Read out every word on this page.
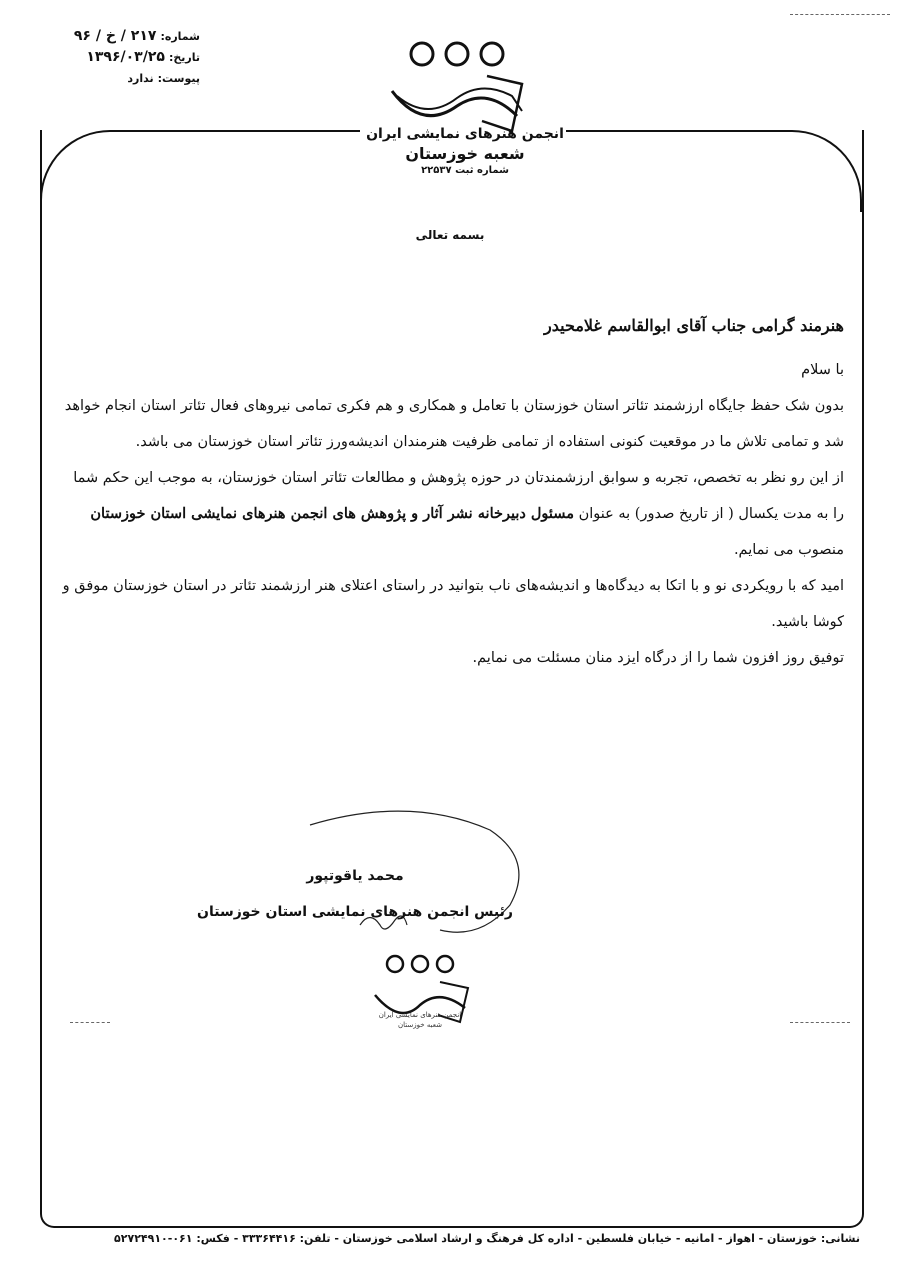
شماره:
۲۱۷ / خ / ۹۶
تاریخ:
۱۳۹۶/۰۳/۲۵
پیوست:
ندارد
انجمن هنرهای نمایشی ایران
شعبه خوزستان
شماره ثبت ۲۲۵۳۷
بسمه تعالی

هنرمند گرامی جناب آقای ابوالقاسم غلامحیدر

با سلام

بدون شک حفظ جایگاه ارزشمند تئاتر استان خوزستان با تعامل و همکاری و هم فکری تمامی نیروهای فعال تئاتر استان انجام خواهد شد و تمامی تلاش ما در موقعیت کنونی استفاده از تمامی ظرفیت هنرمندان اندیشه‌ورز تئاتر استان خوزستان می باشد.

از این رو نظر به تخصص، تجربه و سوابق ارزشمندتان در حوزه پژوهش و مطالعات تئاتر استان خوزستان، به موجب این حکم شما را به مدت یکسال ( از تاریخ صدور) به عنوان مسئول دبیرخانه نشر آثار و پژوهش های انجمن هنرهای نمایشی استان خوزستان منصوب می نمایم.

امید که با رویکردی نو و با اتکا به دیدگاه‌ها و اندیشه‌های ناب بتوانید در راستای اعتلای هنر ارزشمند تئاتر در استان خوزستان موفق و کوشا باشید.

توفیق روز افزون شما را از درگاه ایزد منان مسئلت می نمایم.

محمد یاقوتپور
رئیس انجمن هنرهای نمایشی استان خوزستان
انجمن هنرهای نمایشی ایران
شعبه خوزستان
نشانی: خوزستان - اهواز - امانیه - خیابان فلسطین - اداره کل فرهنگ و ارشاد اسلامی خوزستان - تلفن: ۳۳۳۶۴۴۱۶ - فکس: ۰۶۱-۵۲۷۲۴۹۱۰
